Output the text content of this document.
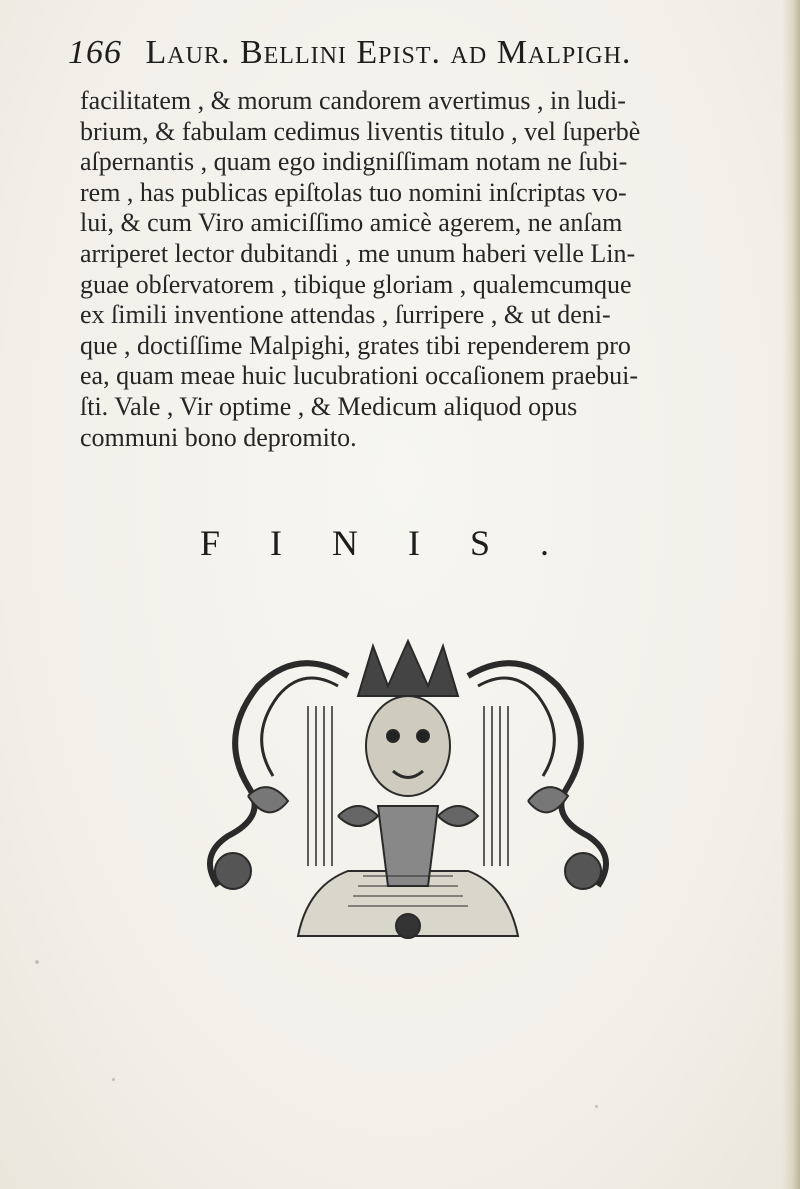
166 Laur. Bellini Epist. ad Malpigh.
facilitatem , & morum candorem avertimus , in ludi-
brium, & fabulam cedimus liventis titulo , vel ſuperbè
aſpernantis , quam ego indigniſſimam notam ne ſubi-
rem , has publicas epiſtolas tuo nomini inſcriptas vo-
lui, & cum Viro amiciſſimo amicè agerem, ne anſam
arriperet lector dubitandi , me unum haberi velle Lin-
guae obſervatorem , tibique gloriam , qualemcumque
ex ſimili inventione attendas , ſurripere , & ut deni-
que , doctiſſime Malpighi, grates tibi rependerem pro
ea, quam meae huic lucubrationi occaſionem praebui-
ſti. Vale , Vir optime , & Medicum aliquod opus
communi bono depromito.
FINIS.
